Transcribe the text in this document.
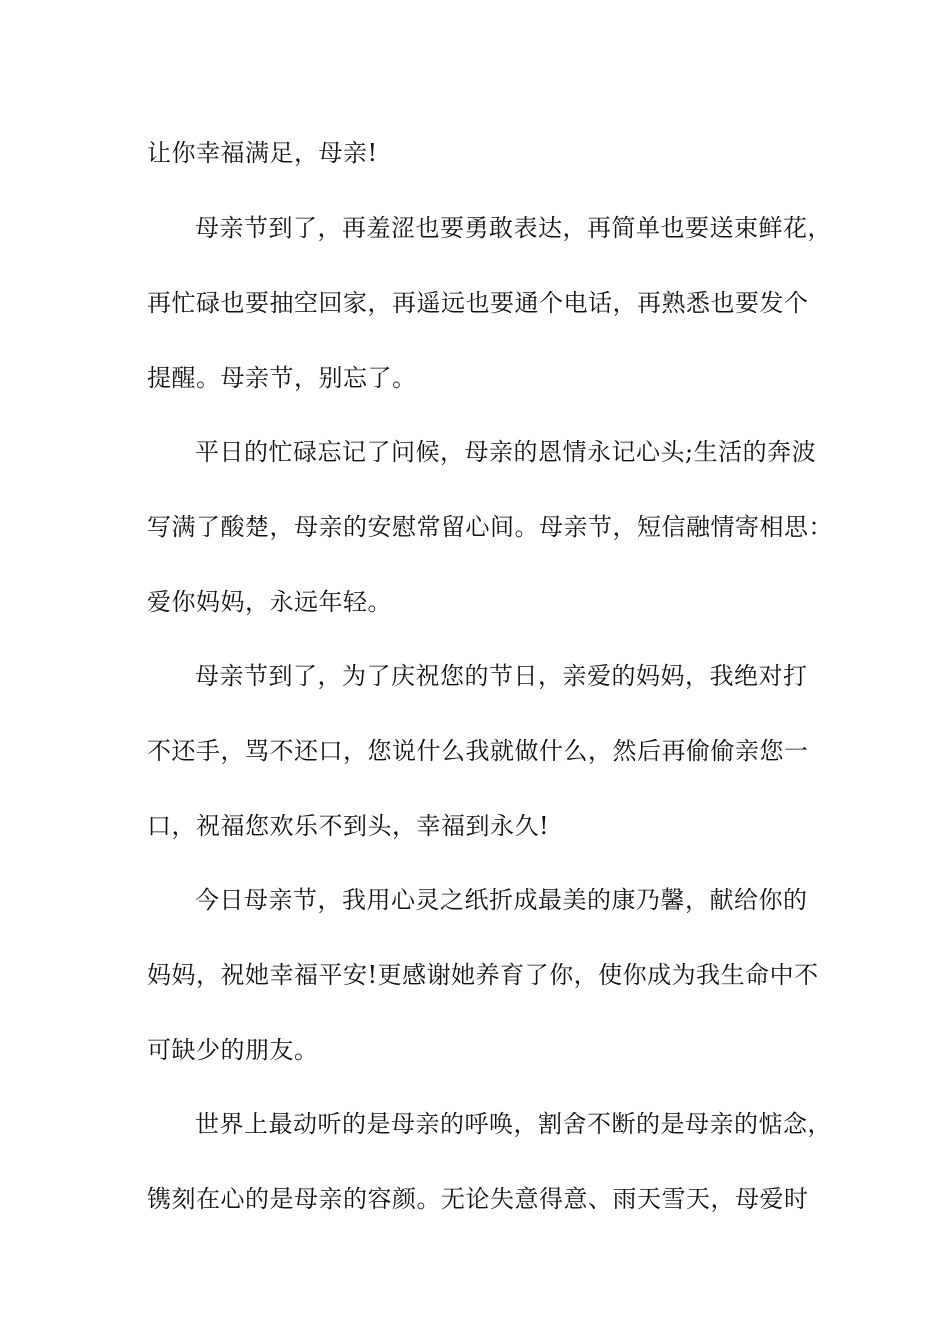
让你幸福满足，母亲!
母亲节到了，再羞涩也要勇敢表达，再简单也要送束鲜花，
再忙碌也要抽空回家，再遥远也要通个电话，再熟悉也要发个
提醒。母亲节，别忘了。
平日的忙碌忘记了问候，母亲的恩情永记心头;生活的奔波
写满了酸楚，母亲的安慰常留心间。母亲节，短信融情寄相思：
爱你妈妈，永远年轻。
母亲节到了，为了庆祝您的节日，亲爱的妈妈，我绝对打
不还手，骂不还口，您说什么我就做什么，然后再偷偷亲您一
口，祝福您欢乐不到头，幸福到永久!
今日母亲节，我用心灵之纸折成最美的康乃馨，献给你的
妈妈，祝她幸福平安!更感谢她养育了你，使你成为我生命中不
可缺少的朋友。
世界上最动听的是母亲的呼唤，割舍不断的是母亲的惦念，
镌刻在心的是母亲的容颜。无论失意得意、雨天雪天，母爱时
